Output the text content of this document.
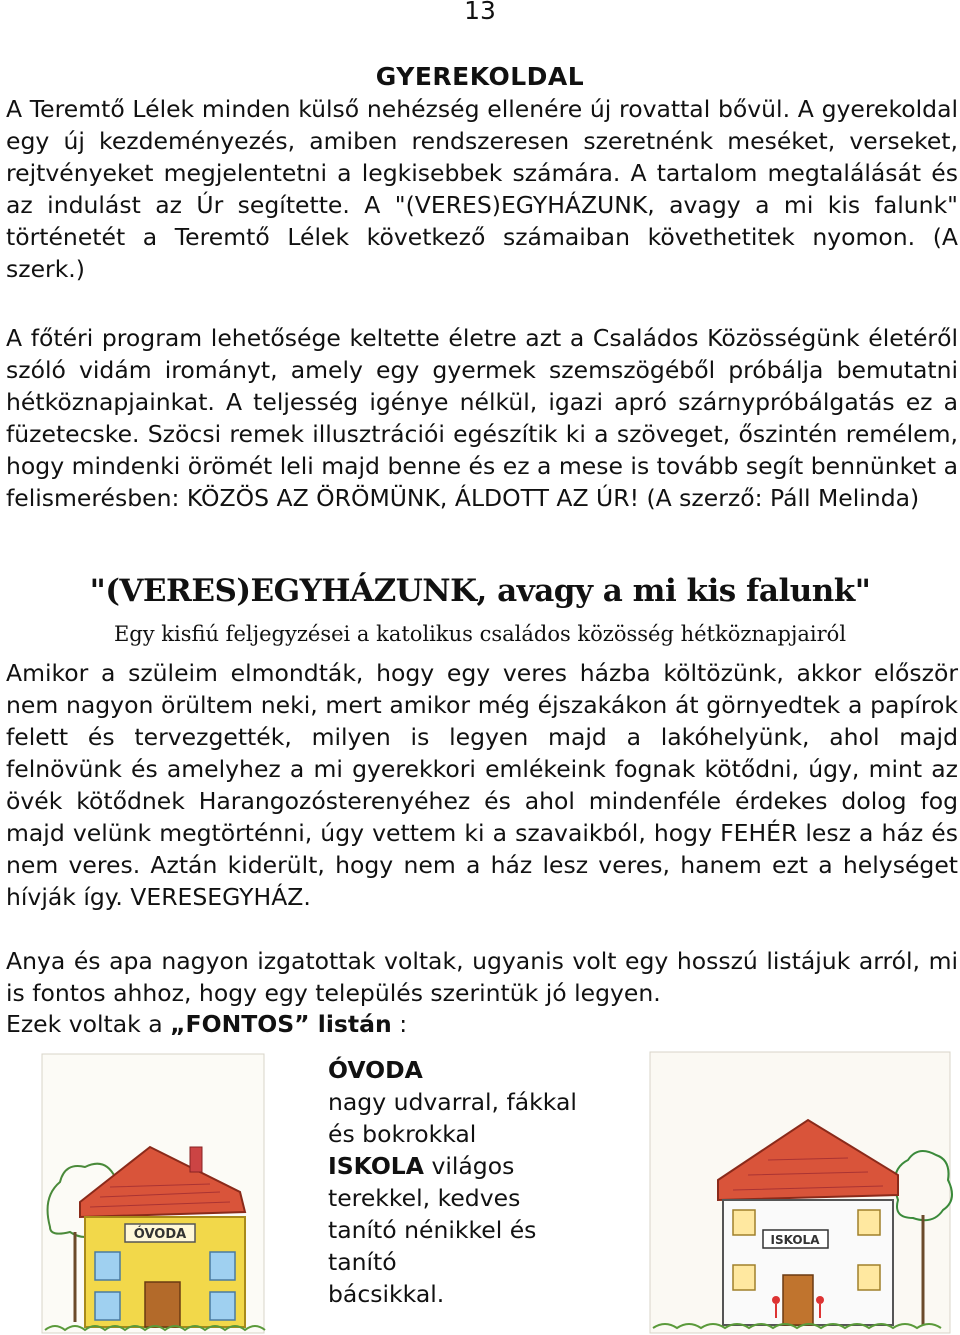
13
GYEREKOLDAL

A Teremtő Lélek minden külső nehézség ellenére új rovattal bővül. A gyerekoldal egy új kezdeményezés, amiben rendszeresen szeretnénk meséket, verseket, rejtvényeket megjelentetni a legkisebbek számára. A tartalom megtalálását és az indulást az Úr segítette. A "(VERES)EGYHÁZUNK, avagy a mi kis falunk" történetét a Teremtő Lélek következő számaiban követhetitek nyomon. (A szerk.)

A főtéri program lehetősége keltette életre azt a Családos Közösségünk életéről szóló vidám irományt, amely egy gyermek szemszögéből próbálja bemutatni hétköznapjainkat. A teljesség igénye nélkül, igazi apró szárnypróbálgatás ez a füzetecske. Szöcsi remek illusztrációi egészítik ki a szöveget, őszintén remélem, hogy mindenki örömét leli majd benne és ez a mese is tovább segít bennünket a felismerésben: KÖZÖS AZ ÖRÖMÜNK, ÁLDOTT AZ ÚR! (A szerző: Páll Melinda)

"(VERES)EGYHÁZUNK, avagy a mi kis falunk"
Egy kisfiú feljegyzései a katolikus családos közösség hétköznapjairól

Amikor a szüleim elmondták, hogy egy veres házba költözünk, akkor először nem nagyon örültem neki, mert amikor még éjszakákon át görnyedtek a papírok felett és tervezgették, milyen is legyen majd a lakóhelyünk, ahol majd felnövünk és amelyhez a mi gyerekkori emlékeink fognak kötődni, úgy, mint az övék kötődnek Harangozósterenyéhez és ahol mindenféle érdekes dolog fog majd velünk megtörténni, úgy vettem ki a szavaikból, hogy FEHÉR lesz a ház és nem veres. Aztán kiderült, hogy nem a ház lesz veres, hanem ezt a helységet hívják így. VERESEGYHÁZ.

Anya és apa nagyon izgatottak voltak, ugyanis volt egy hosszú listájuk arról, mi is fontos ahhoz, hogy egy település szerintük jó legyen.

Ezek voltak a „FONTOS” listán :
ÓVODA
ÓVODA
nagy udvarral, fákkal
és bokrokkal
ISKOLA világos
terekkel, kedves
tanító nénikkel és
tanító
bácsikkal.
ISKOLA
